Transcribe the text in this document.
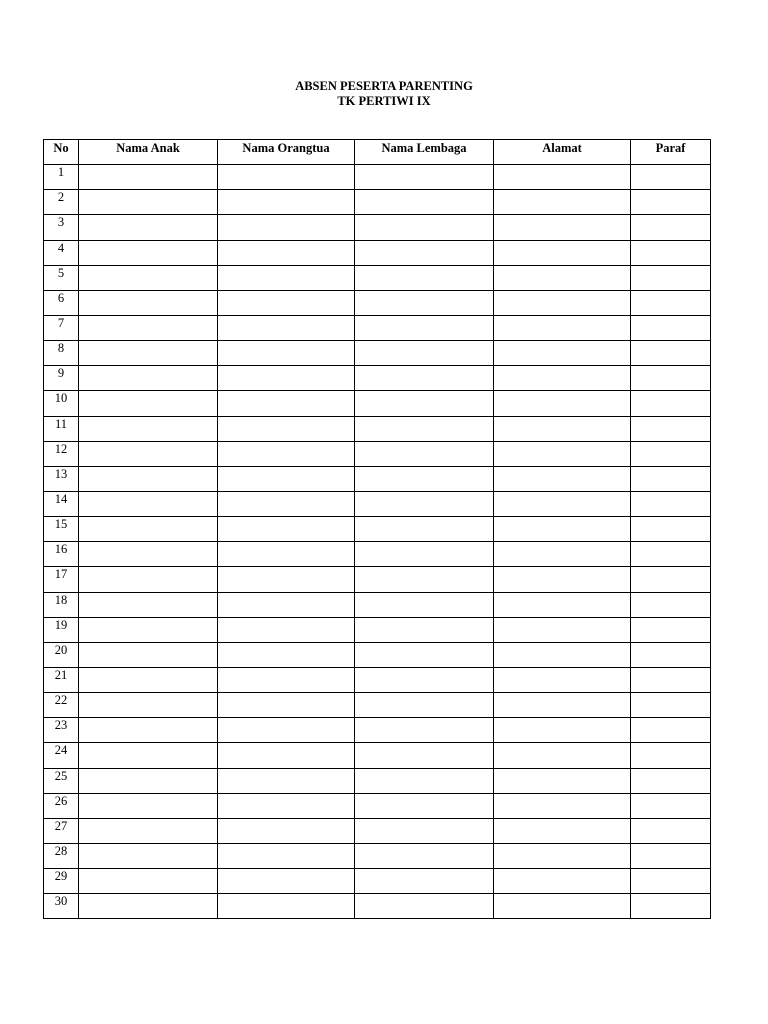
ABSEN PESERTA PARENTING
TK PERTIWI IX
No	Nama Anak	Nama Orangtua	Nama Lembaga	Alamat	Paraf
1					
2					
3					
4					
5					
6					
7					
8					
9					
10					
11					
12					
13					
14					
15					
16					
17					
18					
19					
20					
21					
22					
23					
24					
25					
26					
27					
28					
29					
30					
